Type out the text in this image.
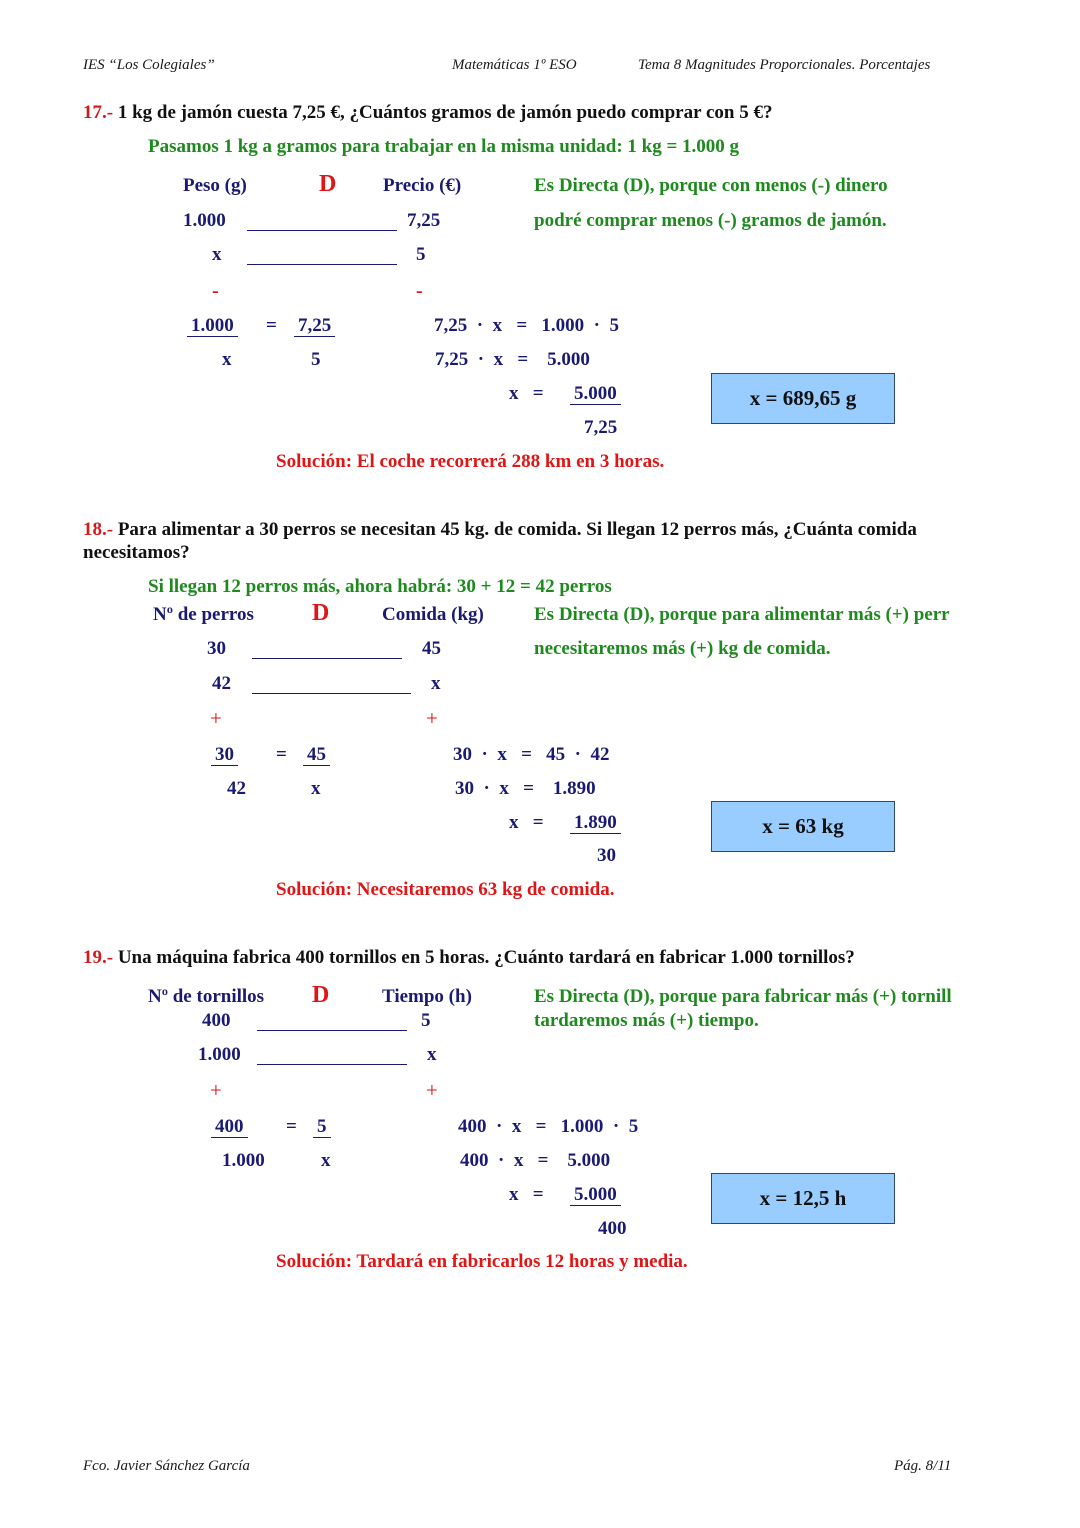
IES “Los Colegiales”	Matemáticas 1º ESO	Tema 8 Magnitudes Proporcionales. Porcentajes
17.- 1 kg de jamón cuesta 7,25 €, ¿Cuántos gramos de jamón puedo comprar con 5 €?
Pasamos 1 kg a gramos para trabajar en la misma unidad: 1 kg = 1.000 g
Peso (g)	D Precio (€)	Es Directa (D), porque con menos (-) dinero
podré comprar menos (-) gramos de jamón.
1.000	7,25
x	5
-	-
1.000 = 7,25
x	5
7,25  ·  x   =   1.000  ·  5
7,25  ·  x   =    5.000
x   = 5.000
7,25
x = 689,65 g
Solución: El coche recorrerá 288 km en 3 horas.
18.- Para alimentar a 30 perros se necesitan 45 kg. de comida. Si llegan 12 perros más, ¿Cuánta comida
necesitamos?
Si llegan 12 perros más, ahora habrá: 30 + 12 = 42 perros
Nº de perros D	Comida (kg)	Es Directa (D), porque para alimentar más (+) perr
necesitaremos más (+) kg de comida.
30	45
42	x
+	+
30 = 45
42	x
30  ·  x   =   45  ·  42
30  ·  x   =    1.890
x   = 1.890
30
x = 63 kg
Solución: Necesitaremos 63 kg de comida.
19.- Una máquina fabrica 400 tornillos en 5 horas. ¿Cuánto tardará en fabricar 1.000 tornillos?
Nº de tornillos D	Tiempo (h)	Es Directa (D), porque para fabricar más (+) tornill
tardaremos más (+) tiempo.
400	5
1.000	x
+	+
400 = 5
1.000	x
400  ·  x   =   1.000  ·  5
400  ·  x   =    5.000
x   = 5.000
400
x = 12,5 h
Solución: Tardará en fabricarlos 12 horas y media.
Fco. Javier Sánchez García	Pág. 8/11
